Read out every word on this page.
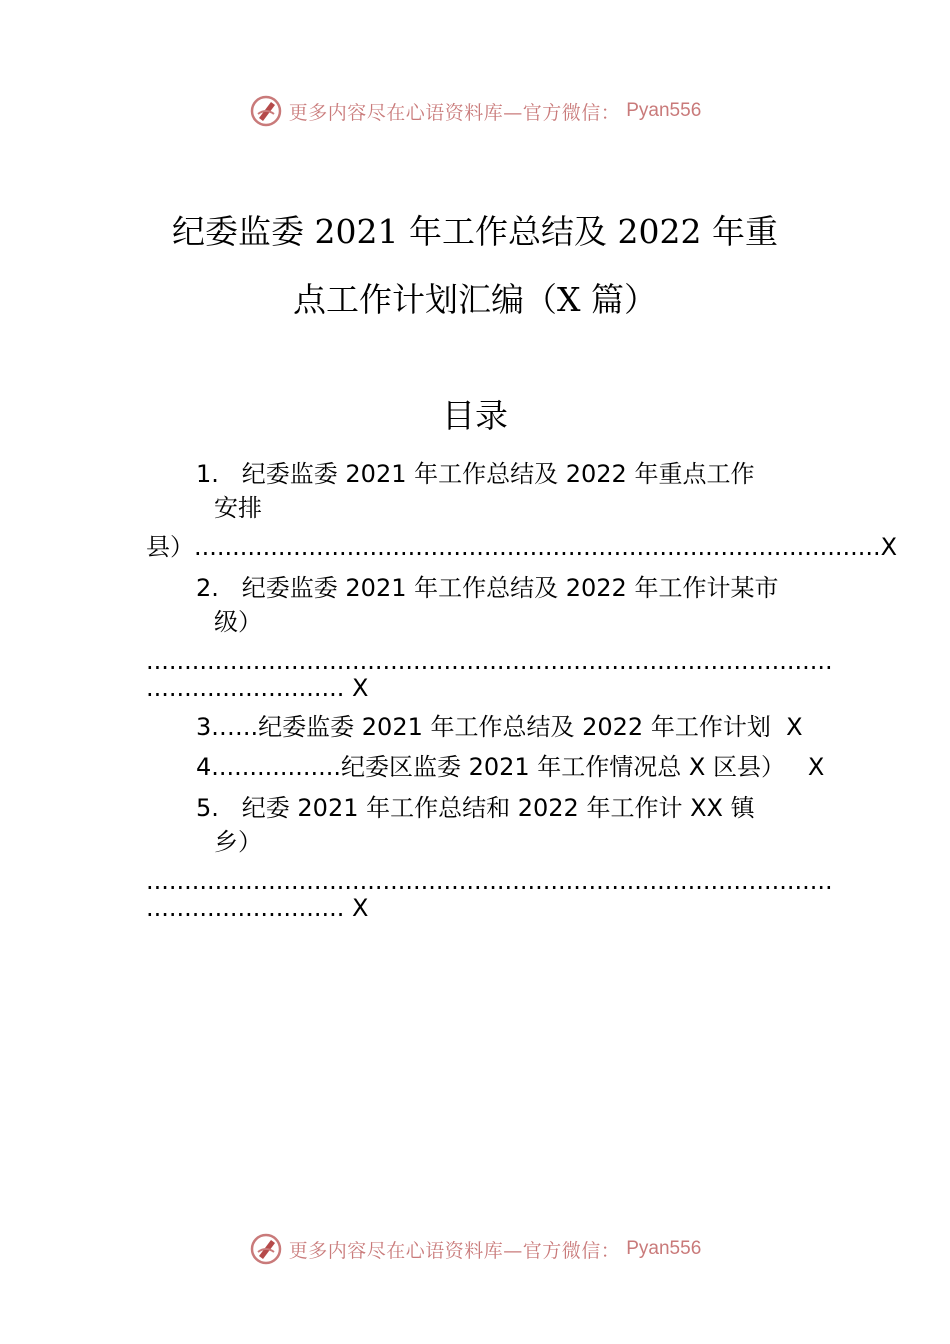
更多内容尽在心语资料库—官方微信： Pyan556
纪委监委 2021 年工作总结及 2022 年重
点工作计划汇编（X 篇）
目录
1.   纪委监委 2021 年工作总结及 2022 年重点工作
安排
县）..........................................................................................X
2.   纪委监委 2021 年工作总结及 2022 年工作计某市
级）
..........................................................................................
.......................... X
3.…..纪委监委 2021 年工作总结及 2022 年工作计划  X
4.................纪委区监委 2021 年工作情况总 X 区县）   X
5.   纪委 2021 年工作总结和 2022 年工作计 XX 镇
乡）
..........................................................................................
.......................... X
更多内容尽在心语资料库—官方微信： Pyan556
